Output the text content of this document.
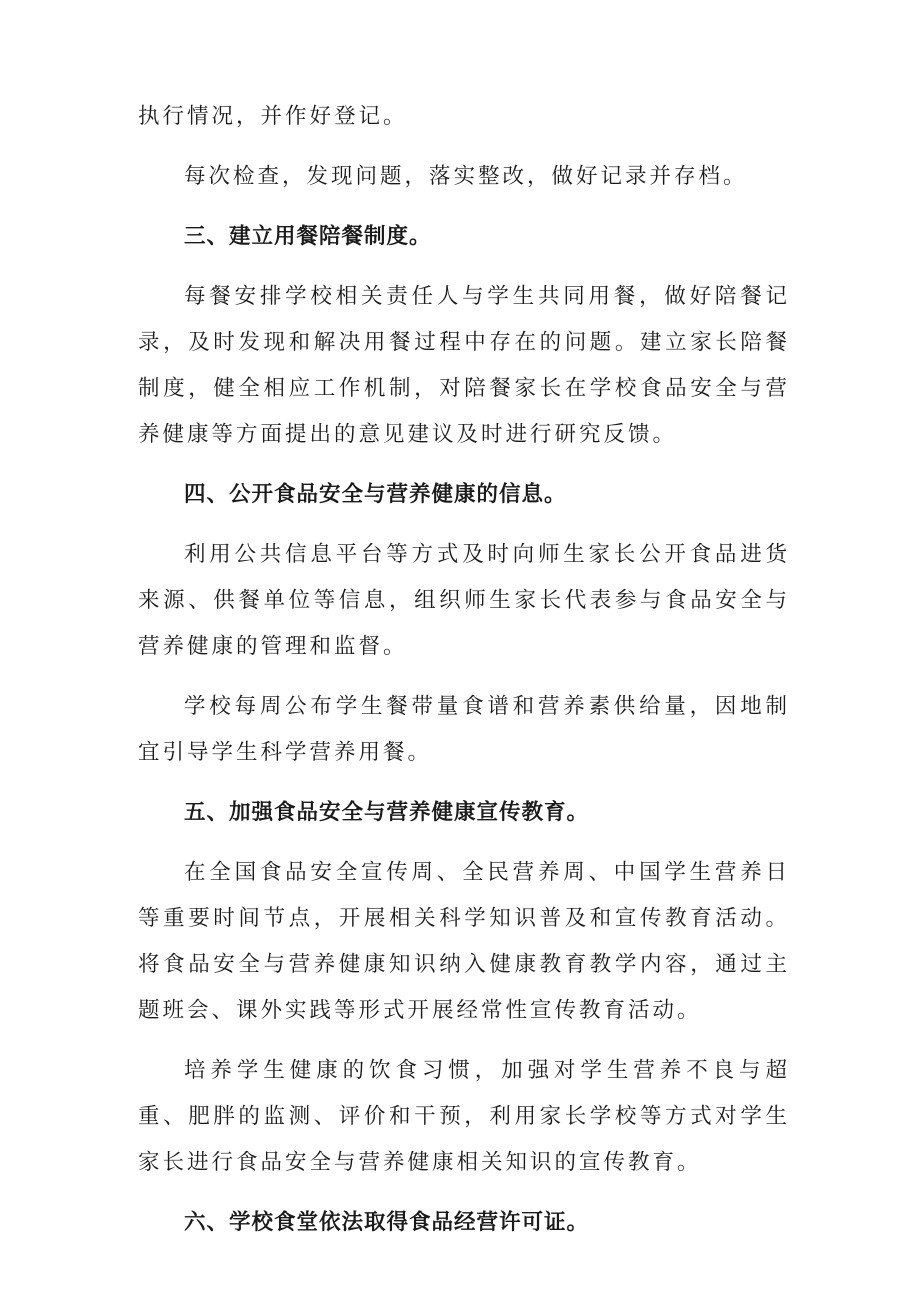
执行情况，并作好登记。

每次检查，发现问题，落实整改，做好记录并存档。

三、建立用餐陪餐制度。

每餐安排学校相关责任人与学生共同用餐，做好陪餐记录，及时发现和解决用餐过程中存在的问题。建立家长陪餐制度，健全相应工作机制，对陪餐家长在学校食品安全与营养健康等方面提出的意见建议及时进行研究反馈。

四、公开食品安全与营养健康的信息。

利用公共信息平台等方式及时向师生家长公开食品进货来源、供餐单位等信息，组织师生家长代表参与食品安全与营养健康的管理和监督。

学校每周公布学生餐带量食谱和营养素供给量，因地制宜引导学生科学营养用餐。

五、加强食品安全与营养健康宣传教育。

在全国食品安全宣传周、全民营养周、中国学生营养日等重要时间节点，开展相关科学知识普及和宣传教育活动。将食品安全与营养健康知识纳入健康教育教学内容，通过主题班会、课外实践等形式开展经常性宣传教育活动。

培养学生健康的饮食习惯，加强对学生营养不良与超重、肥胖的监测、评价和干预，利用家长学校等方式对学生家长进行食品安全与营养健康相关知识的宣传教育。

六、学校食堂依法取得食品经营许可证。
